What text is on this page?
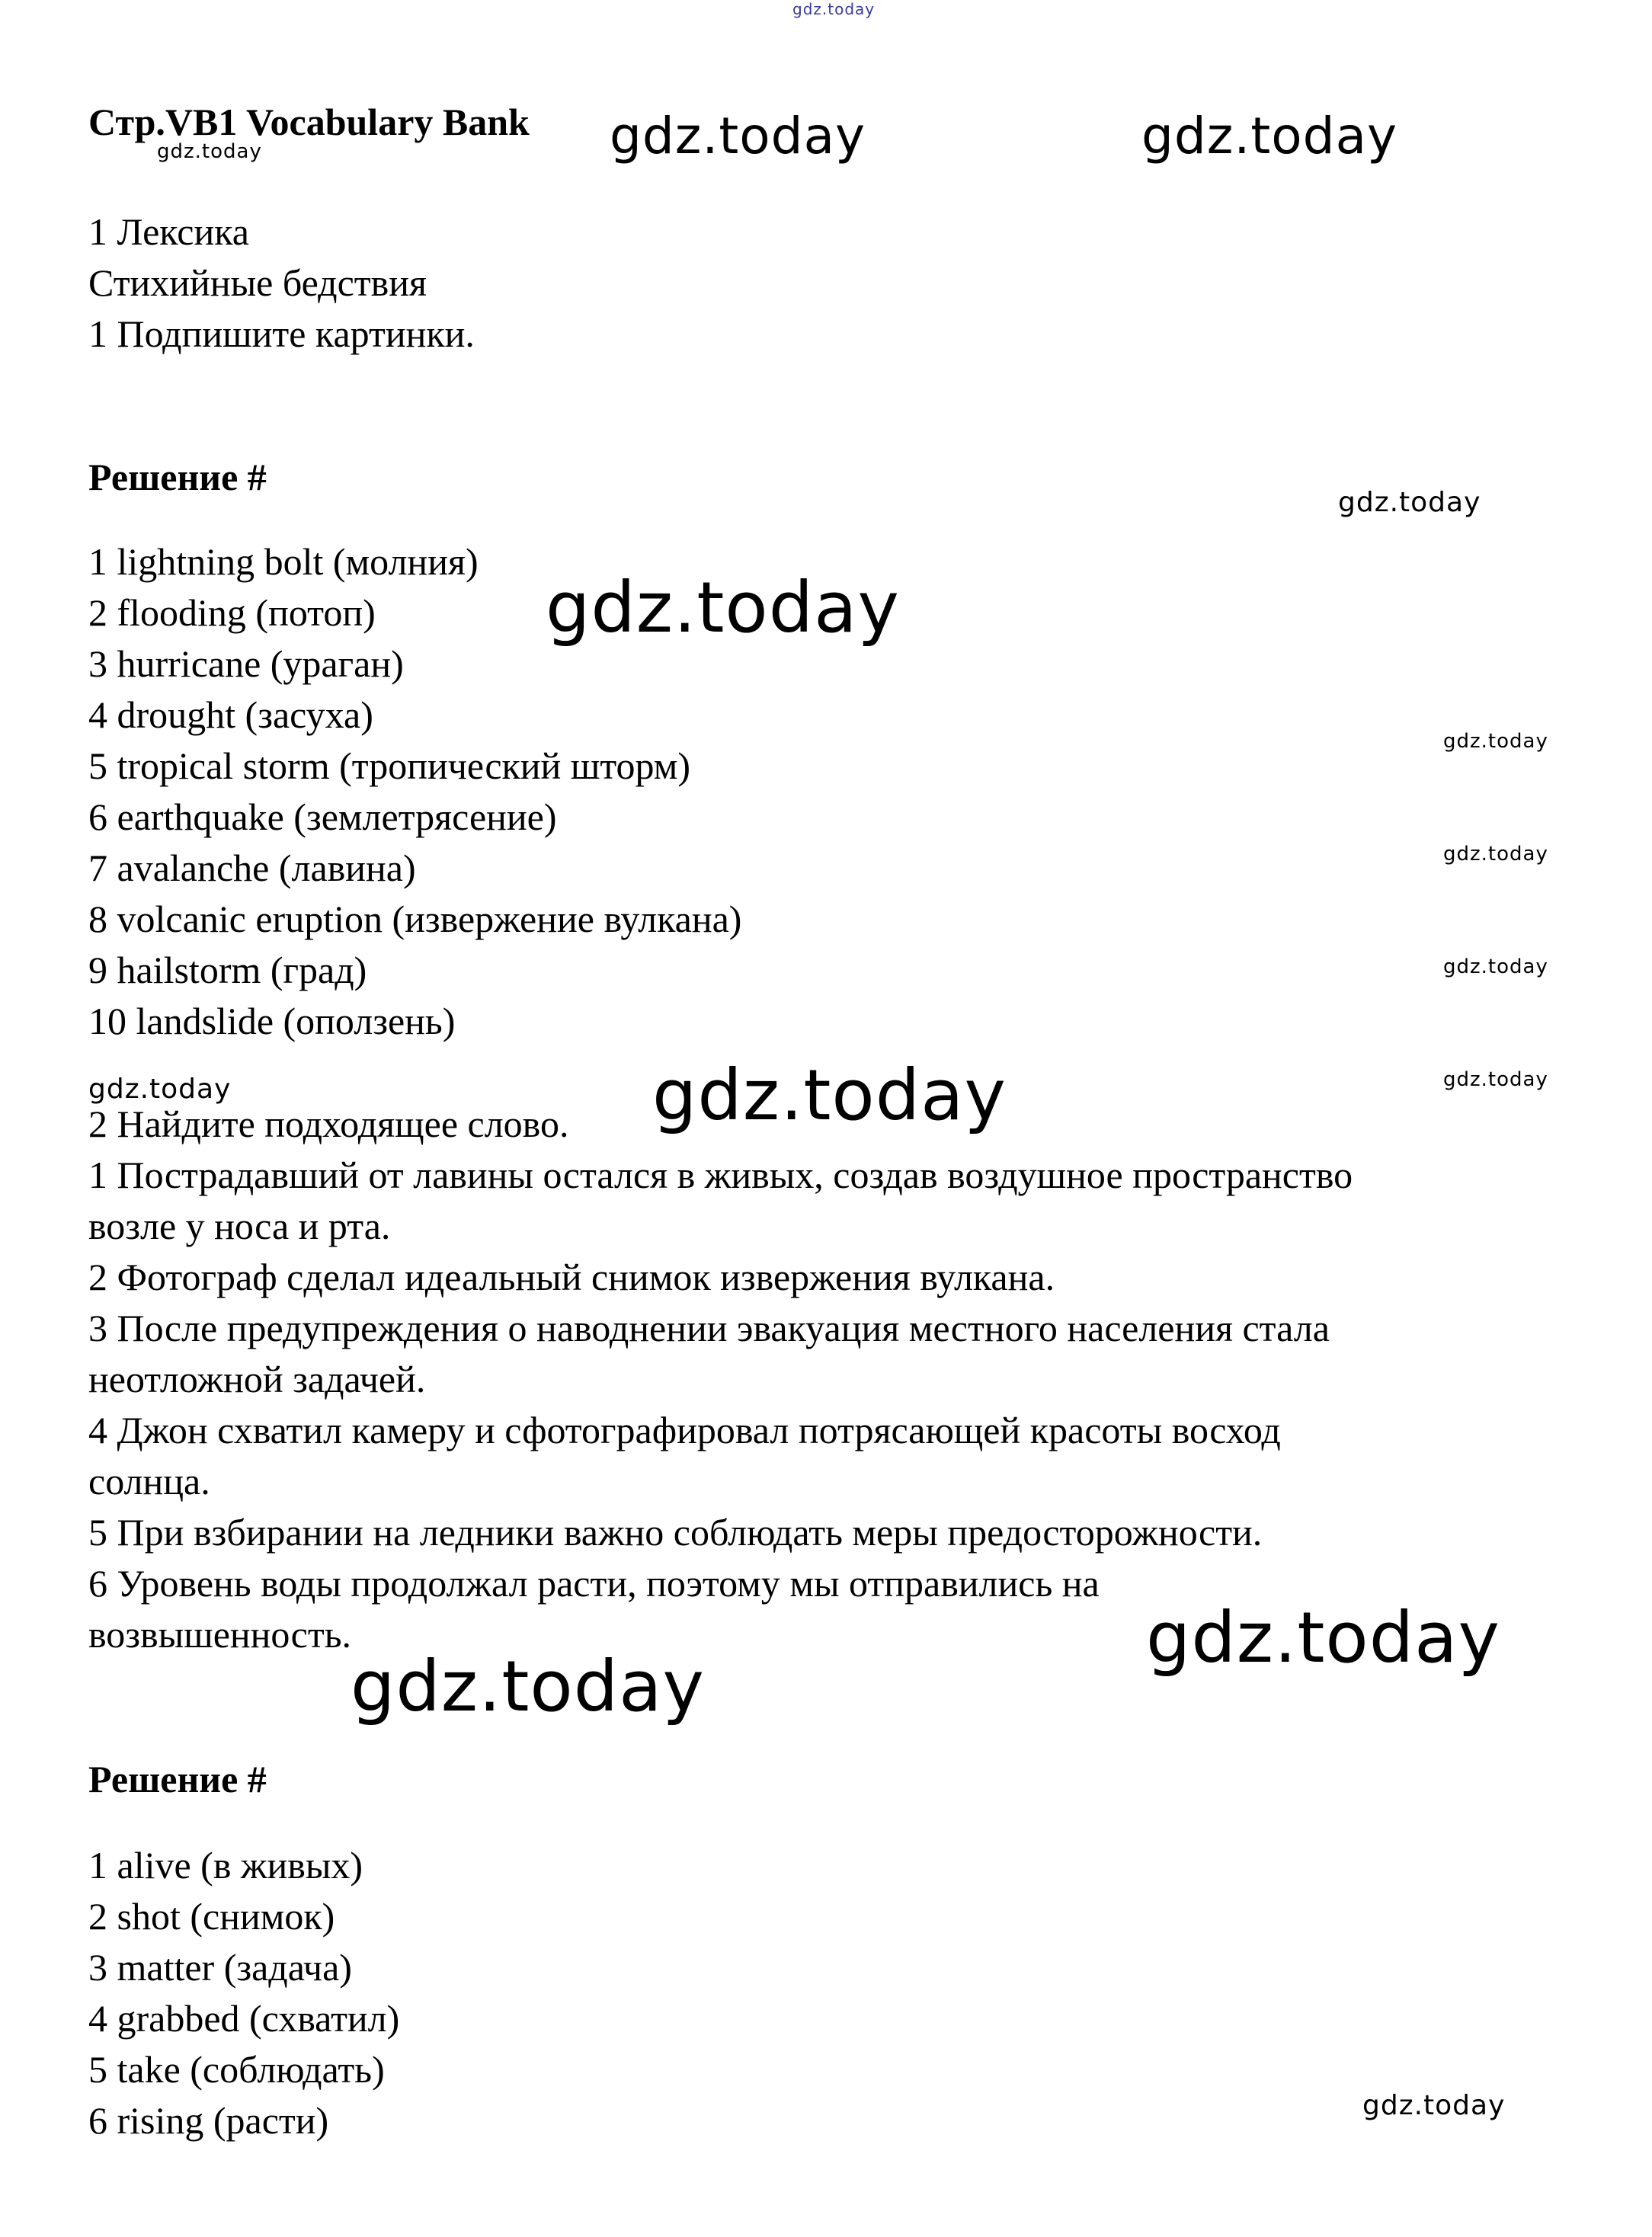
gdz.today
gdz.today	gdz.today	gdz.today
gdz.today
gdz.today
gdz.today
gdz.today
gdz.today
gdz.today
gdz.today	gdz.today
gdz.today
gdz.today
gdz.today
Стр.VB1 Vocabulary Bank
1 Лексика
Стихийные бедствия
1 Подпишите картинки.
Решение #
1 lightning bolt (молния)
2 flooding (потоп)
3 hurricane (ураган)
4 drought (засуха)
5 tropical storm (тропический шторм)
6 earthquake (землетрясение)
7 avalanche (лавина)
8 volcanic eruption (извержение вулкана)
9 hailstorm (град)
10 landslide (оползень)
2 Найдите подходящее слово.
1 Пострадавший от лавины остался в живых, создав воздушное пространство
возле у носа и рта.
2 Фотограф сделал идеальный снимок извержения вулкана.
3 После предупреждения о наводнении эвакуация местного населения стала
неотложной задачей.
4 Джон схватил камеру и сфотографировал потрясающей красоты восход
солнца.
5 При взбирании на ледники важно соблюдать меры предосторожности.
6 Уровень воды продолжал расти, поэтому мы отправились на
возвышенность.
Решение #
1 alive (в живых)
2 shot (снимок)
3 matter (задача)
4 grabbed (схватил)
5 take (соблюдать)
6 rising (расти)
